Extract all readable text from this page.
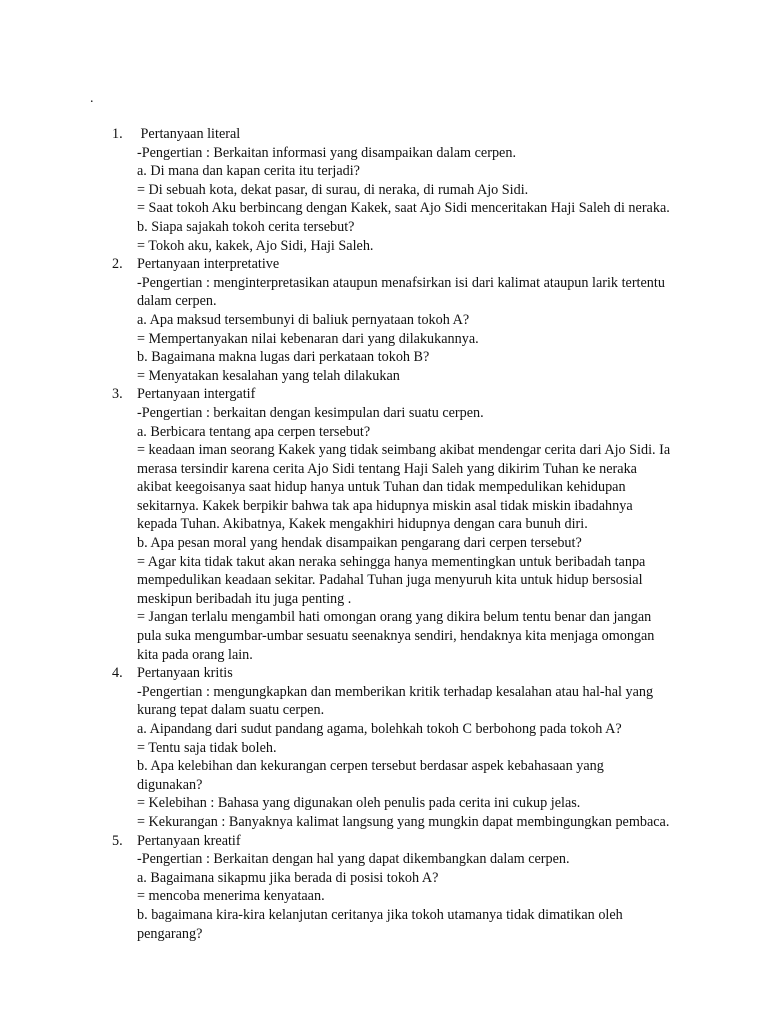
.
1.	Pertanyaan literal
-Pengertian : Berkaitan informasi yang disampaikan dalam cerpen.
a. Di mana dan kapan cerita itu terjadi?
= Di sebuah kota, dekat pasar, di surau, di neraka, di rumah Ajo Sidi.
= Saat tokoh Aku berbincang dengan Kakek, saat Ajo Sidi menceritakan Haji Saleh di neraka.
b. Siapa sajakah tokoh cerita tersebut?
= Tokoh aku, kakek, Ajo Sidi, Haji Saleh.
2.	Pertanyaan interpretative
-Pengertian : menginterpretasikan ataupun menafsirkan isi dari kalimat ataupun larik tertentu dalam cerpen.
a. Apa maksud tersembunyi di baliuk pernyataan tokoh A?
= Mempertanyakan nilai kebenaran dari yang dilakukannya.
b. Bagaimana makna lugas dari perkataan tokoh B?
= Menyatakan kesalahan yang telah dilakukan
3.	Pertanyaan intergatif
-Pengertian : berkaitan dengan kesimpulan dari suatu cerpen.
a. Berbicara tentang apa cerpen tersebut?
= keadaan iman seorang Kakek yang tidak seimbang akibat mendengar cerita dari Ajo Sidi. Ia merasa tersindir karena cerita Ajo Sidi tentang Haji Saleh yang dikirim Tuhan ke neraka akibat keegoisanya saat hidup hanya untuk Tuhan dan tidak mempedulikan kehidupan sekitarnya. Kakek berpikir bahwa tak apa hidupnya miskin asal tidak miskin ibadahnya kepada Tuhan. Akibatnya, Kakek mengakhiri hidupnya dengan cara bunuh diri.
b. Apa pesan moral yang hendak disampaikan pengarang dari cerpen tersebut?
= Agar kita tidak takut akan neraka sehingga hanya mementingkan untuk beribadah tanpa mempedulikan keadaan sekitar. Padahal Tuhan juga menyuruh kita untuk hidup bersosial meskipun beribadah itu juga penting .
= Jangan terlalu mengambil hati omongan orang yang dikira belum tentu benar dan jangan pula suka mengumbar-umbar sesuatu seenaknya sendiri, hendaknya kita menjaga omongan kita pada orang lain.
4.	Pertanyaan kritis
-Pengertian : mengungkapkan dan memberikan kritik terhadap kesalahan atau hal-hal yang kurang tepat dalam suatu cerpen.
a. Aipandang dari sudut pandang agama, bolehkah tokoh C berbohong pada tokoh A?
= Tentu saja tidak boleh.
b. Apa kelebihan dan kekurangan cerpen tersebut berdasar aspek kebahasaan yang digunakan?
= Kelebihan : Bahasa yang digunakan oleh penulis pada cerita ini cukup jelas.
= Kekurangan : Banyaknya kalimat langsung yang mungkin dapat membingungkan pembaca.
5.	Pertanyaan kreatif
-Pengertian : Berkaitan dengan hal yang dapat dikembangkan dalam cerpen.
a. Bagaimana sikapmu jika berada di posisi tokoh A?
= mencoba menerima kenyataan.
b. bagaimana kira-kira kelanjutan ceritanya jika tokoh utamanya tidak dimatikan oleh pengarang?
